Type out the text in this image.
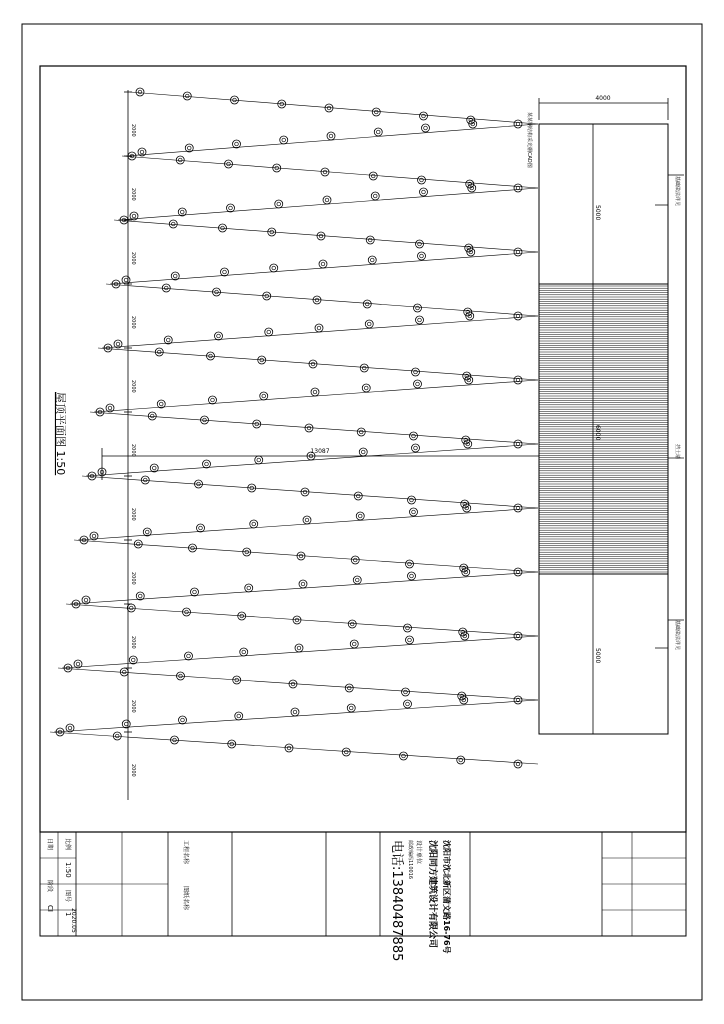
4000
5000
6000
5000
基础做法详见
挡土墙
基础做法详见
某某钢结构采光棚CAD图
13087
2000
2000
2000
2000
2000
2000
2000
2000
2000
2000
2000
屋顶平面图 1:50
阶段
CI
比例
1:50
图号
1
日期
2020.05
工程名称
图纸名称
设计单位 沈阳同方建筑设计有限公司 沈阳市沈北新区蒲文路16-76号
邮政编码110016
电话:13840487885
